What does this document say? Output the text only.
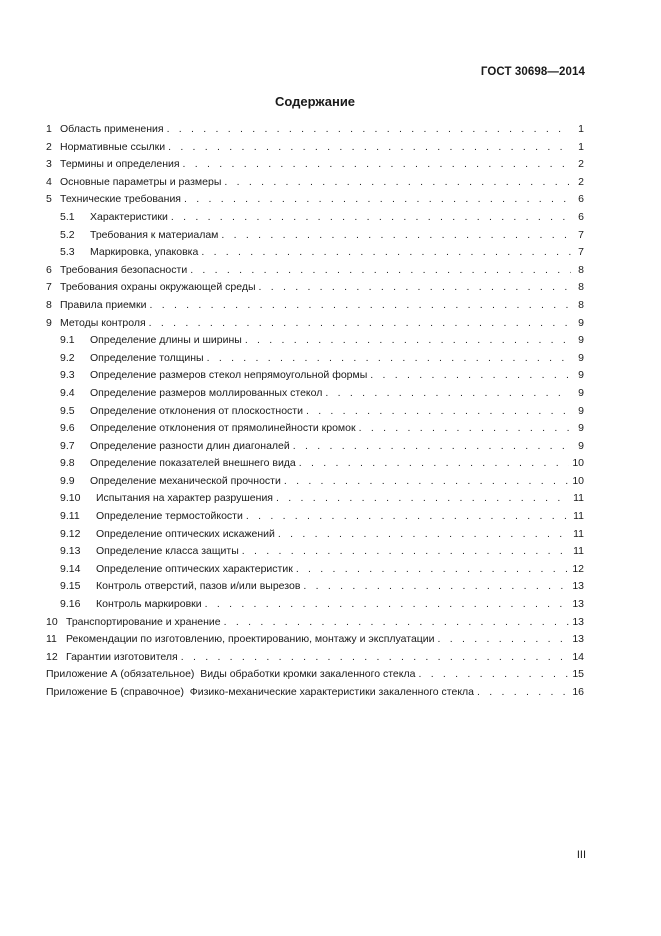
ГОСТ 30698—2014
Содержание
1 Область применения . . .	1
2 Нормативные ссылки . . .	1
3 Термины и определения . . .	2
4 Основные параметры и размеры . . .	2
5 Технические требования . . .	6
5.1	Характеристики . . .	6
5.2	Требования к материалам . . .	7
5.3	Маркировка, упаковка . . .	7
6 Требования безопасности . . .	8
7 Требования охраны окружающей среды . . .	8
8 Правила приемки . . .	8
9 Методы контроля . . .	9
9.1	Определение длины и ширины . . .	9
9.2	Определение толщины . . .	9
9.3	Определение размеров стекол непрямоугольной формы . . .	9
9.4	Определение размеров моллированных стекол . . .	9
9.5	Определение отклонения от плоскостности . . .	9
9.6	Определение отклонения от прямолинейности кромок . . .	9
9.7	Определение разности длин диагоналей . . .	9
9.8	Определение показателей внешнего вида . . .	10
9.9	Определение механической прочности . . .	10
9.10	Испытания на характер разрушения . . .	11
9.11	Определение термостойкости . . .	11
9.12	Определение оптических искажений . . .	11
9.13	Определение класса защиты . . .	11
9.14	Определение оптических характеристик . . .	12
9.15	Контроль отверстий, пазов и/или вырезов . . .	13
9.16	Контроль маркировки . . .	13
10 Транспортирование и хранение . . .	13
11 Рекомендации по изготовлению, проектированию, монтажу и эксплуатации . . .	13
12 Гарантии изготовителя . . .	14
Приложение А (обязательное)  Виды обработки кромки закаленного стекла . . .	15
Приложение Б (справочное)  Физико-механические характеристики закаленного стекла . . .	16
III
